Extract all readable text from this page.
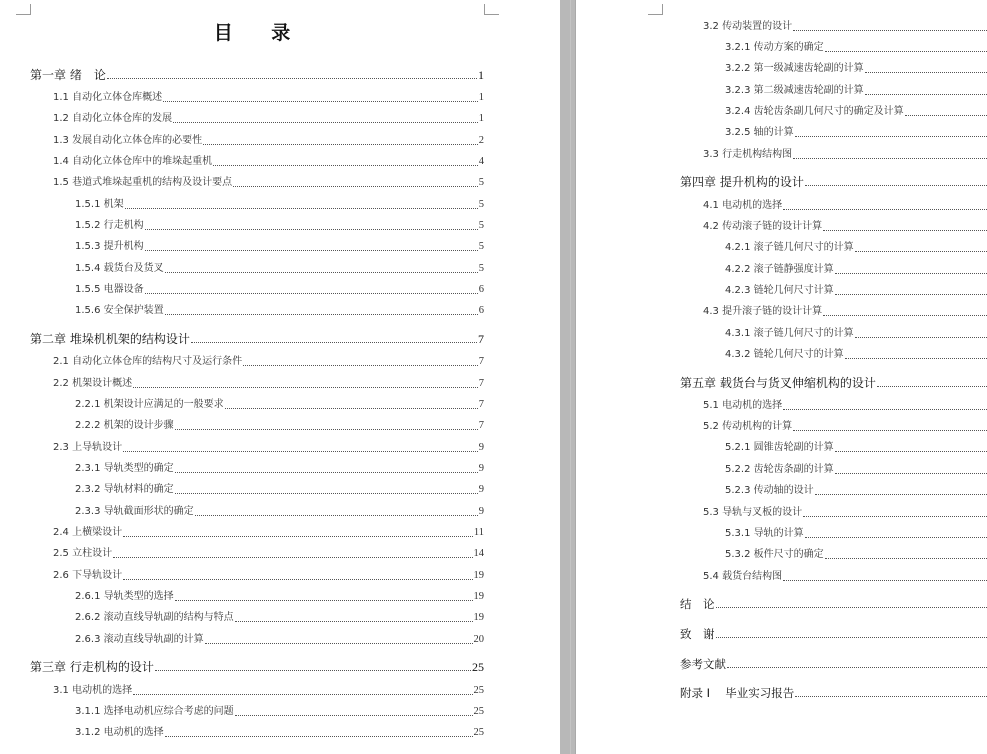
目 录
第一章 绪　论	1
1.1 自动化立体仓库概述	1
1.2 自动化立体仓库的发展	1
1.3 发展自动化立体仓库的必要性	2
1.4 自动化立体仓库中的堆垛起重机	4
1.5 巷道式堆垛起重机的结构及设计要点	5
1.5.1 机架	5
1.5.2 行走机构	5
1.5.3 提升机构	5
1.5.4 载货台及货叉	5
1.5.5 电器设备	6
1.5.6 安全保护装置	6
第二章 堆垛机机架的结构设计	7
2.1 自动化立体仓库的结构尺寸及运行条件	7
2.2 机架设计概述	7
2.2.1 机架设计应满足的一般要求	7
2.2.2 机架的设计步骤	7
2.3 上导轨设计	9
2.3.1 导轨类型的确定	9
2.3.2 导轨材料的确定	9
2.3.3 导轨截面形状的确定	9
2.4 上横梁设计	11
2.5 立柱设计	14
2.6 下导轨设计	19
2.6.1 导轨类型的选择	19
2.6.2 滚动直线导轨副的结构与特点	19
2.6.3 滚动直线导轨副的计算	20
第三章 行走机构的设计	25
3.1 电动机的选择	25
3.1.1 选择电动机应综合考虑的问题	25
3.1.2 电动机的选择	25
3.2 传动装置的设计
3.2.1 传动方案的确定
3.2.2 第一级减速齿轮副的计算
3.2.3 第二级减速齿轮副的计算
3.2.4 齿轮齿条副几何尺寸的确定及计算
3.2.5 轴的计算
3.3 行走机构结构图
第四章 提升机构的设计
4.1 电动机的选择
4.2 传动滚子链的设计计算
4.2.1 滚子链几何尺寸的计算
4.2.2 滚子链静强度计算
4.2.3 链轮几何尺寸计算
4.3 提升滚子链的设计计算
4.3.1 滚子链几何尺寸的计算
4.3.2 链轮几何尺寸的计算
第五章 载货台与货叉伸缩机构的设计
5.1 电动机的选择
5.2 传动机构的计算
5.2.1 圆锥齿轮副的计算
5.2.2 齿轮齿条副的计算
5.2.3 传动轴的设计
5.3 导轨与叉板的设计
5.3.1 导轨的计算
5.3.2 板件尺寸的确定
5.4 载货台结构图
结　论
致　谢
参考文献
附录 I　 毕业实习报告
